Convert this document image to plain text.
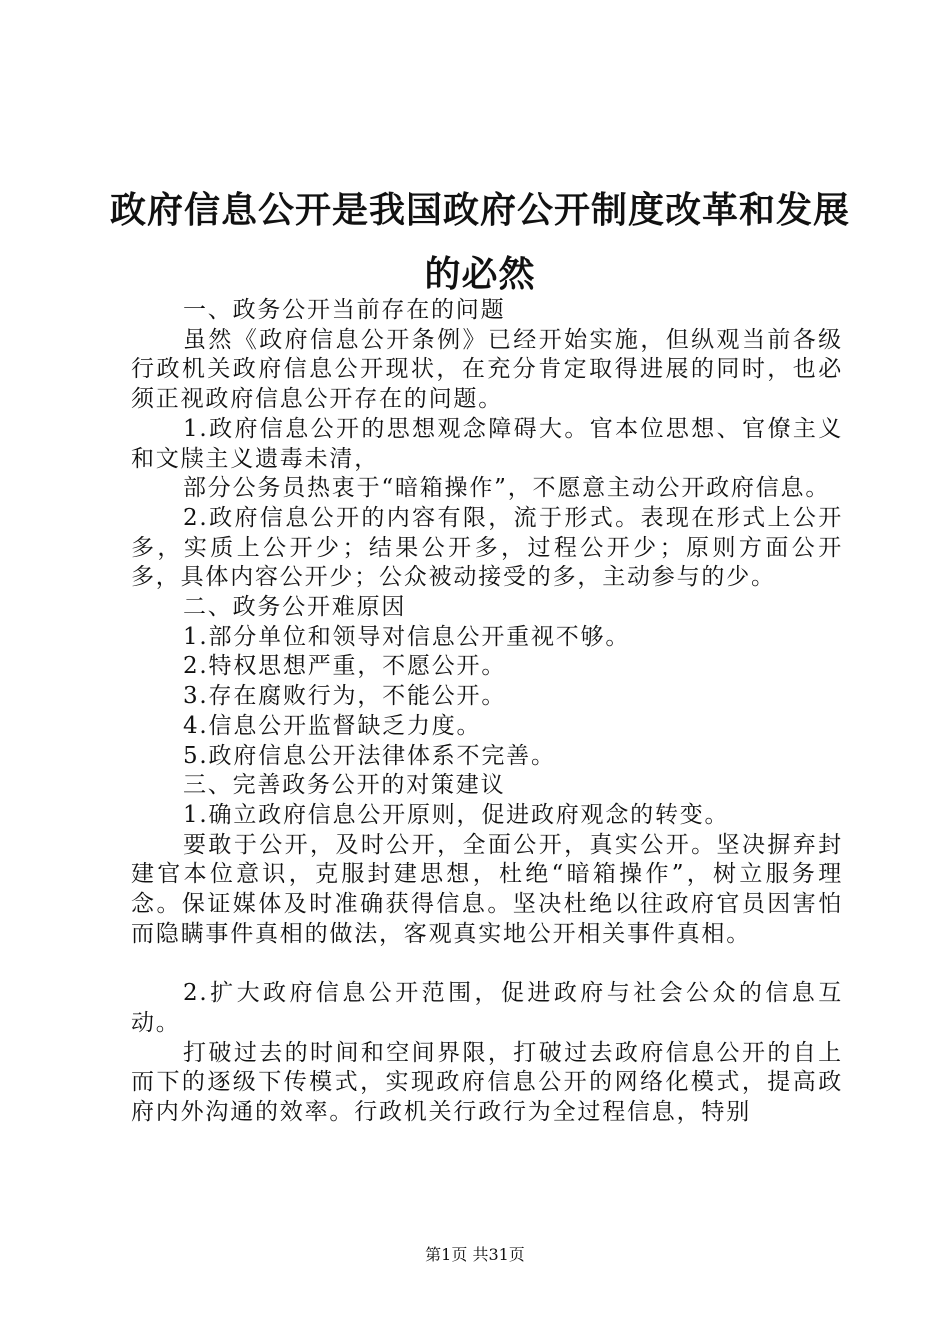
政府信息公开是我国政府公开制度改革和发展
的必然

一、政务公开当前存在的问题

虽然《政府信息公开条例》已经开始实施，但纵观当前各级行政机关政府信息公开现状，在充分肯定取得进展的同时，也必须正视政府信息公开存在的问题。

1.政府信息公开的思想观念障碍大。官本位思想、官僚主义和文牍主义遗毒未清，

部分公务员热衷于“暗箱操作”，不愿意主动公开政府信息。

2.政府信息公开的内容有限，流于形式。表现在形式上公开多，实质上公开少；结果公开多，过程公开少；原则方面公开多，具体内容公开少；公众被动接受的多，主动参与的少。

二、政务公开难原因

1.部分单位和领导对信息公开重视不够。

2.特权思想严重，不愿公开。

3.存在腐败行为，不能公开。

4.信息公开监督缺乏力度。

5.政府信息公开法律体系不完善。

三、完善政务公开的对策建议

1.确立政府信息公开原则，促进政府观念的转变。

要敢于公开，及时公开，全面公开，真实公开。坚决摒弃封建官本位意识，克服封建思想，杜绝“暗箱操作”，树立服务理念。保证媒体及时准确获得信息。坚决杜绝以往政府官员因害怕而隐瞒事件真相的做法，客观真实地公开相关事件真相。

2.扩大政府信息公开范围，促进政府与社会公众的信息互动。

打破过去的时间和空间界限，打破过去政府信息公开的自上而下的逐级下传模式，实现政府信息公开的网络化模式，提高政府内外沟通的效率。行政机关行政行为全过程信息，特别

第1页 共31页
